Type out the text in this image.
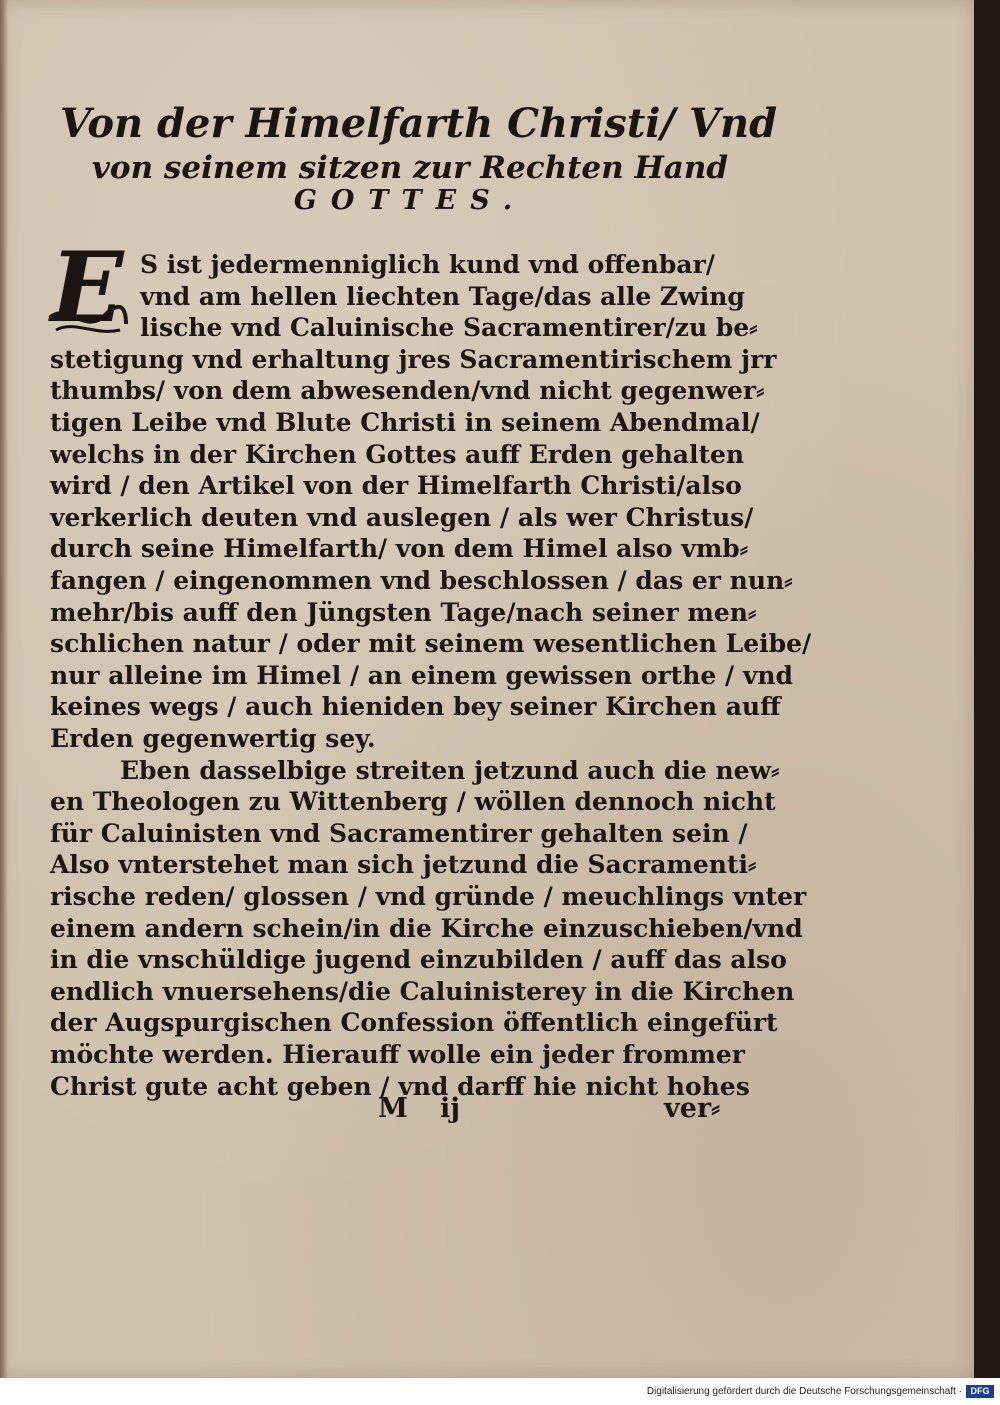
Von der Himelfarth Christi/ Vnd
von seinem sitzen zur Rechten Hand
GOTTES.
E S ist jedermenniglich kund vnd offenbar/
vnd am hellen liechten Tage/das alle Zwing
lische vnd Caluinische Sacramentirer/zu be⸗
stetigung vnd erhaltung jres Sacramentirischem jrr
thumbs/ von dem abwesenden/vnd nicht gegenwer⸗
tigen Leibe vnd Blute Christi in seinem Abendmal/
welchs in der Kirchen Gottes auff Erden gehalten
wird / den Artikel von der Himelfarth Christi/also
verkerlich deuten vnd auslegen / als wer Christus/
durch seine Himelfarth/ von dem Himel also vmb⸗
fangen / eingenommen vnd beschlossen / das er nun⸗
mehr/bis auff den Jüngsten Tage/nach seiner men⸗
schlichen natur / oder mit seinem wesentlichen Leibe/
nur alleine im Himel / an einem gewissen orthe / vnd
keines wegs / auch hieniden bey seiner Kirchen auff
Erden gegenwertig sey.
Eben dasselbige streiten jetzund auch die new⸗
en Theologen zu Wittenberg / wöllen dennoch nicht
für Caluinisten vnd Sacramentirer gehalten sein /
Also vnterstehet man sich jetzund die Sacramenti⸗
rische reden/ glossen / vnd gründe / meuchlings vnter
einem andern schein/in die Kirche einzuschieben/vnd
in die vnschüldige jugend einzubilden / auff das also
endlich vnuersehens/die Caluinisterey in die Kirchen
der Augspurgischen Confession öffentlich eingefürt
möchte werden. Hierauff wolle ein jeder frommer
Christ gute acht geben / vnd darff hie nicht hohes
M ij	ver⸗
Digitalisierung gefördert durch die Deutsche Forschungsgemeinschaft · DFG
